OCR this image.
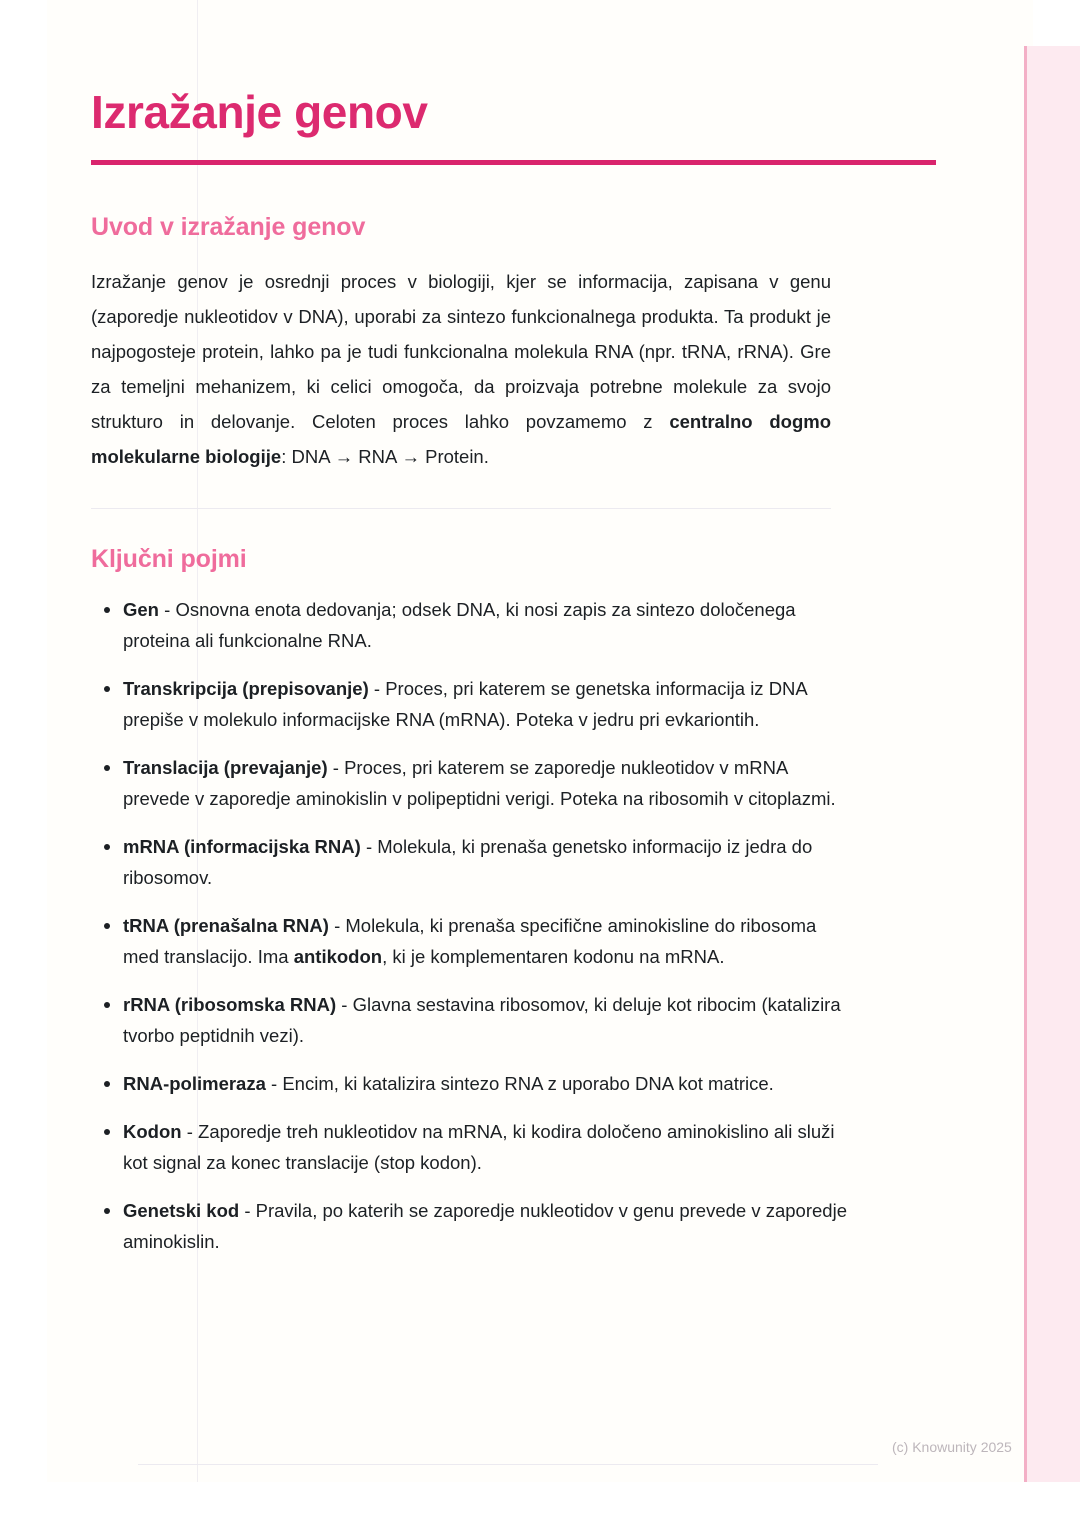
Izražanje genov
Uvod v izražanje genov

Izražanje genov je osrednji proces v biologiji, kjer se informacija, zapisana v genu (zaporedje nukleotidov v DNA), uporabi za sintezo funkcionalnega produkta. Ta produkt je najpogosteje protein, lahko pa je tudi funkcionalna molekula RNA (npr. tRNA, rRNA). Gre za temeljni mehanizem, ki celici omogoča, da proizvaja potrebne molekule za svojo strukturo in delovanje. Celoten proces lahko povzamemo z centralno dogmo molekularne biologije: DNA → RNA → Protein.

Ključni pojmi
Gen - Osnovna enota dedovanja; odsek DNA, ki nosi zapis za sintezo določenega proteina ali funkcionalne RNA.
Transkripcija (prepisovanje) - Proces, pri katerem se genetska informacija iz DNA prepiše v molekulo informacijske RNA (mRNA). Poteka v jedru pri evkariontih.
Translacija (prevajanje) - Proces, pri katerem se zaporedje nukleotidov v mRNA prevede v zaporedje aminokislin v polipeptidni verigi. Poteka na ribosomih v citoplazmi.
mRNA (informacijska RNA) - Molekula, ki prenaša genetsko informacijo iz jedra do ribosomov.
tRNA (prenašalna RNA) - Molekula, ki prenaša specifične aminokisline do ribosoma med translacijo. Ima antikodon, ki je komplementaren kodonu na mRNA.
rRNA (ribosomska RNA) - Glavna sestavina ribosomov, ki deluje kot ribocim (katalizira tvorbo peptidnih vezi).
RNA-polimeraza - Encim, ki katalizira sintezo RNA z uporabo DNA kot matrice.
Kodon - Zaporedje treh nukleotidov na mRNA, ki kodira določeno aminokislino ali služi kot signal za konec translacije (stop kodon).
Genetski kod - Pravila, po katerih se zaporedje nukleotidov v genu prevede v zaporedje aminokislin.
(c) Knowunity 2025
